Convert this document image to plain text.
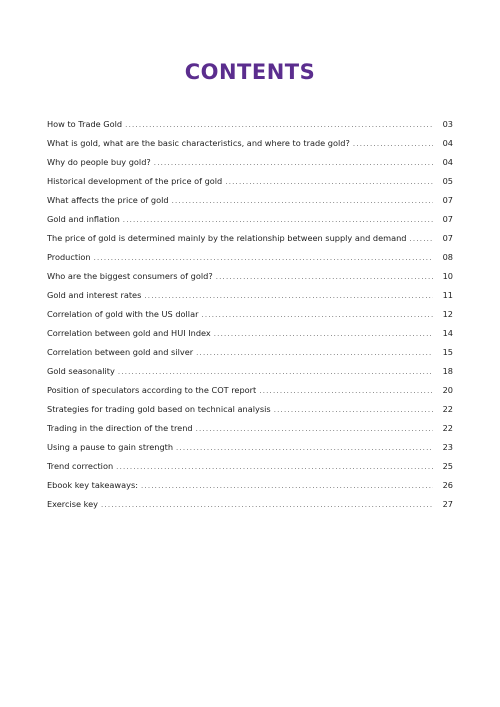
CONTENTS
How to Trade Gold .....	03
What is gold, what are the basic characteristics, and where to trade gold? .....	04
Why do people buy gold? .....	04
Historical development of the price of gold .....	05
What affects the price of gold .....	07
Gold and inflation .....	07
The price of gold is determined mainly by the relationship between supply and demand .....	07
Production .....	08
Who are the biggest consumers of gold? .....	10
Gold and interest rates .....	11
Correlation of gold with the US dollar .....	12
Correlation between gold and HUI Index .....	14
Correlation between gold and silver .....	15
Gold seasonality .....	18
Position of speculators according to the COT report .....	20
Strategies for trading gold based on technical analysis .....	22
Trading in the direction of the trend .....	22
Using a pause to gain strength .....	23
Trend correction .....	25
Ebook key takeaways: .....	26
Exercise key .....	27
